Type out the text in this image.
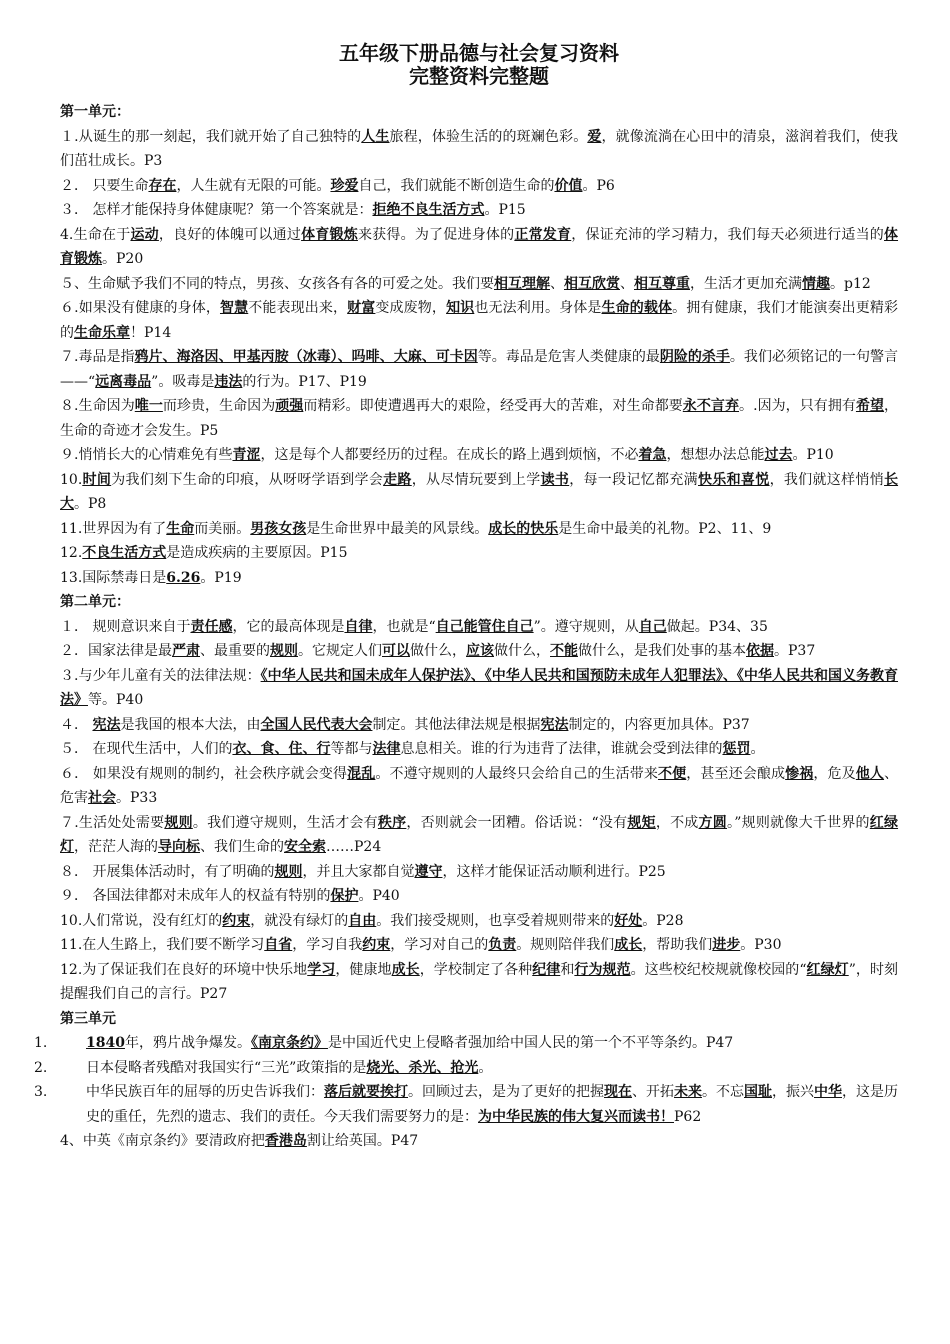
五年级下册品德与社会复习资料
完整资料完整题
第一单元：

１.从诞生的那一刻起，我们就开始了自己独特的人生旅程，体验生活的的斑斓色彩。爱，就像流淌在心田中的清泉，滋润着我们，使我们茁壮成长。P3

２． 只要生命存在，人生就有无限的可能。珍爱自己，我们就能不断创造生命的价值。P6

３． 怎样才能保持身体健康呢？第一个答案就是：拒绝不良生活方式。P15

4.生命在于运动，良好的体魄可以通过体育锻炼来获得。为了促进身体的正常发育，保证充沛的学习精力，我们每天必须进行适当的体育锻炼。P20

５、生命赋予我们不同的特点，男孩、女孩各有各的可爱之处。我们要相互理解、相互欣赏、相互尊重，生活才更加充满情趣。p12

６.如果没有健康的身体，智慧不能表现出来，财富变成废物，知识也无法利用。身体是生命的载体。拥有健康，我们才能演奏出更精彩的生命乐章！P14

７.毒品是指鸦片、海洛因、甲基丙胺（冰毒）、吗啡、大麻、可卡因等。毒品是危害人类健康的最阴险的杀手。我们必须铭记的一句警言——“远离毒品”。吸毒是违法的行为。P17、P19

８.生命因为唯一而珍贵，生命因为顽强而精彩。即使遭遇再大的艰险，经受再大的苦难，对生命都要永不言弃。.因为，只有拥有希望，生命的奇迹才会发生。P5

９.悄悄长大的心情难免有些青涩，这是每个人都要经历的过程。在成长的路上遇到烦恼，不必着急，想想办法总能过去。P10

10.时间为我们刻下生命的印痕，从呀呀学语到学会走路，从尽情玩要到上学读书，每一段记忆都充满快乐和喜悦，我们就这样悄悄长大。P8

11.世界因为有了生命而美丽。男孩女孩是生命世界中最美的风景线。成长的快乐是生命中最美的礼物。P2、11、9

12.不良生活方式是造成疾病的主要原因。P15

13.国际禁毒日是6.26。P19

第二单元：

１． 规则意识来自于责任感，它的最高体现是自律，也就是“自己能管住自己”。遵守规则，从自己做起。P34、35

２．国家法律是最严肃、最重要的规则。它规定人们可以做什么，应该做什么，不能做什么，是我们处事的基本依据。P37

３.与少年儿童有关的法律法规：《中华人民共和国未成年人保护法》、《中华人民共和国预防未成年人犯罪法》、《中华人民共和国义务教育法》等。P40

４． 宪法是我国的根本大法，由全国人民代表大会制定。其他法律法规是根据宪法制定的，内容更加具体。P37

５． 在现代生活中，人们的衣、食、住、行等都与法律息息相关。谁的行为违背了法律，谁就会受到法律的惩罚。

６． 如果没有规则的制约，社会秩序就会变得混乱。不遵守规则的人最终只会给自己的生活带来不便，甚至还会酿成惨祸，危及他人、危害社会。P33

７.生活处处需要规则。我们遵守规则，生活才会有秩序，否则就会一团糟。俗话说：“没有规矩，不成方圆。”规则就像大千世界的红绿灯，茫茫人海的导向标、我们生命的安全索……P24

８． 开展集体活动时，有了明确的规则，并且大家都自觉遵守，这样才能保证活动顺利进行。P25

９． 各国法律都对未成年人的权益有特别的保护。P40

10.人们常说，没有红灯的约束，就没有绿灯的自由。我们接受规则，也享受着规则带来的好处。P28

11.在人生路上，我们要不断学习自省，学习自我约束，学习对自己的负责。规则陪伴我们成长，帮助我们进步。P30

12.为了保证我们在良好的环境中快乐地学习，健康地成长，学校制定了各种纪律和行为规范。这些校纪校规就像校园的“红绿灯”，时刻提醒我们自己的言行。P27

第三单元

1.	1840年，鸦片战争爆发。《南京条约》是中国近代史上侵略者强加给中国人民的第一个不平等条约。P47

2.	日本侵略者残酷对我国实行“三光”政策指的是烧光、杀光、抢光。

3.	中华民族百年的屈辱的历史告诉我们：落后就要挨打。回顾过去，是为了更好的把握现在、开拓未来。不忘国耻，振兴中华，这是历史的重任，先烈的遗志、我们的责任。今天我们需要努力的是：为中华民族的伟大复兴而读书！P62

4、中英《南京条约》要清政府把香港岛割让给英国。P47
